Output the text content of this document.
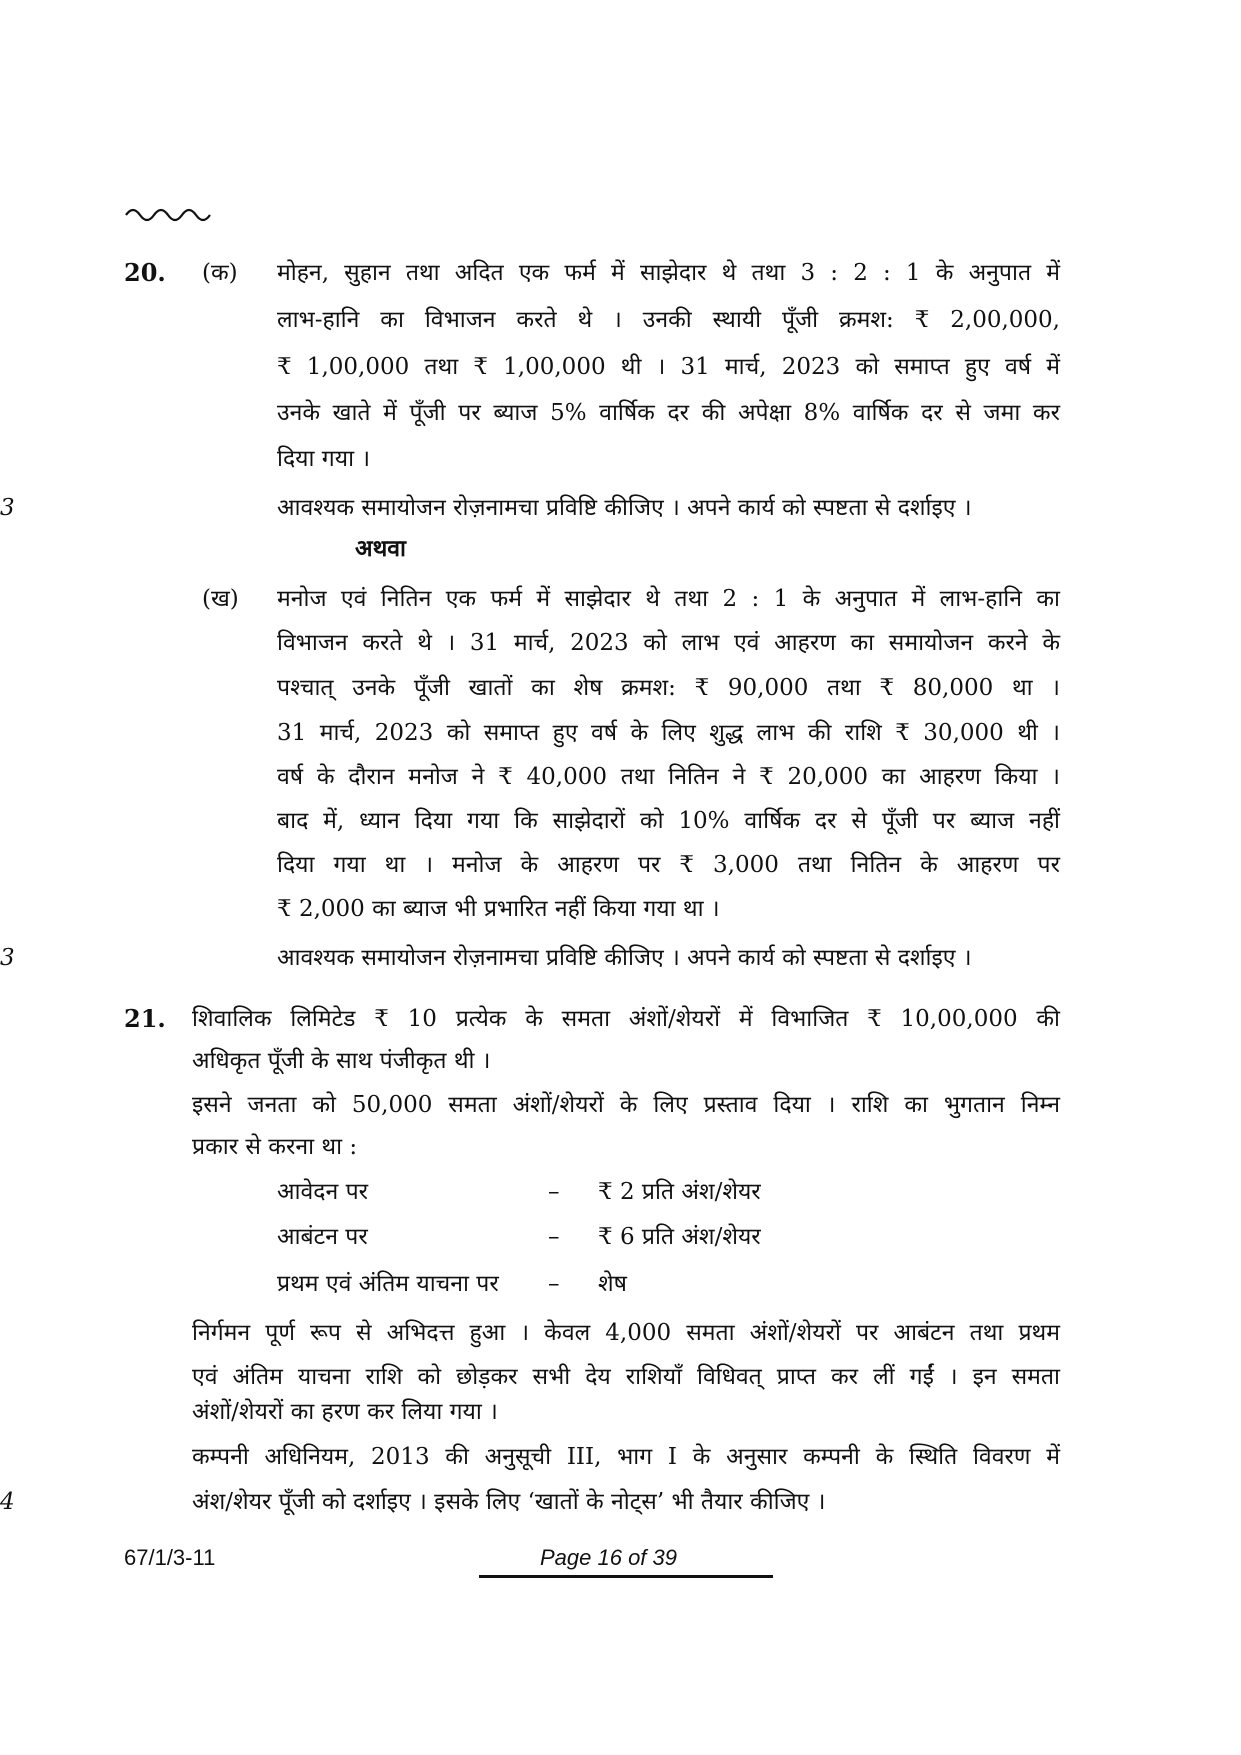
20. (क) मोहन, सुहान तथा अदित एक फर्म में साझेदार थे तथा 3 : 2 : 1 के अनुपात में
लाभ-हानि का विभाजन करते थे । उनकी स्थायी पूँजी क्रमश: ₹ 2,00,000,
₹ 1,00,000 तथा ₹ 1,00,000 थी । 31 मार्च, 2023 को समाप्त हुए वर्ष में
उनके खाते में पूँजी पर ब्याज 5% वार्षिक दर की अपेक्षा 8% वार्षिक दर से जमा कर
दिया गया ।
आवश्यक समायोजन रोज़नामचा प्रविष्टि कीजिए । अपने कार्य को स्पष्टता से दर्शाइए ।
3
अथवा
(ख) मनोज एवं नितिन एक फर्म में साझेदार थे तथा 2 : 1 के अनुपात में लाभ-हानि का
विभाजन करते थे । 31 मार्च, 2023 को लाभ एवं आहरण का समायोजन करने के
पश्चात् उनके पूँजी खातों का शेष क्रमश: ₹ 90,000 तथा ₹ 80,000 था ।
31 मार्च, 2023 को समाप्त हुए वर्ष के लिए शुद्ध लाभ की राशि ₹ 30,000 थी ।
वर्ष के दौरान मनोज ने ₹ 40,000 तथा नितिन ने ₹ 20,000 का आहरण किया ।
बाद में, ध्यान दिया गया कि साझेदारों को 10% वार्षिक दर से पूँजी पर ब्याज नहीं
दिया गया था । मनोज के आहरण पर ₹ 3,000 तथा नितिन के आहरण पर
₹ 2,000 का ब्याज भी प्रभारित नहीं किया गया था ।
आवश्यक समायोजन रोज़नामचा प्रविष्टि कीजिए । अपने कार्य को स्पष्टता से दर्शाइए ।
3
21. शिवालिक लिमिटेड ₹ 10 प्रत्येक के समता अंशों/शेयरों में विभाजित ₹ 10,00,000 की
अधिकृत पूँजी के साथ पंजीकृत थी ।
इसने जनता को 50,000 समता अंशों/शेयरों के लिए प्रस्ताव दिया । राशि का भुगतान निम्न
प्रकार से करना था :
आवेदन पर	– ₹ 2 प्रति अंश/शेयर
आबंटन पर	– ₹ 6 प्रति अंश/शेयर
प्रथम एवं अंतिम याचना पर – शेष
निर्गमन पूर्ण रूप से अभिदत्त हुआ । केवल 4,000 समता अंशों/शेयरों पर आबंटन तथा प्रथम
एवं अंतिम याचना राशि को छोड़कर सभी देय राशियाँ विधिवत् प्राप्त कर लीं गईं । इन समता
अंशों/शेयरों का हरण कर लिया गया ।
कम्पनी अधिनियम, 2013 की अनुसूची III, भाग I के अनुसार कम्पनी के स्थिति विवरण में
अंश/शेयर पूँजी को दर्शाइए । इसके लिए ‘खातों के नोट्स’ भी तैयार कीजिए ।
4
67/1/3-11	Page 16 of 39
